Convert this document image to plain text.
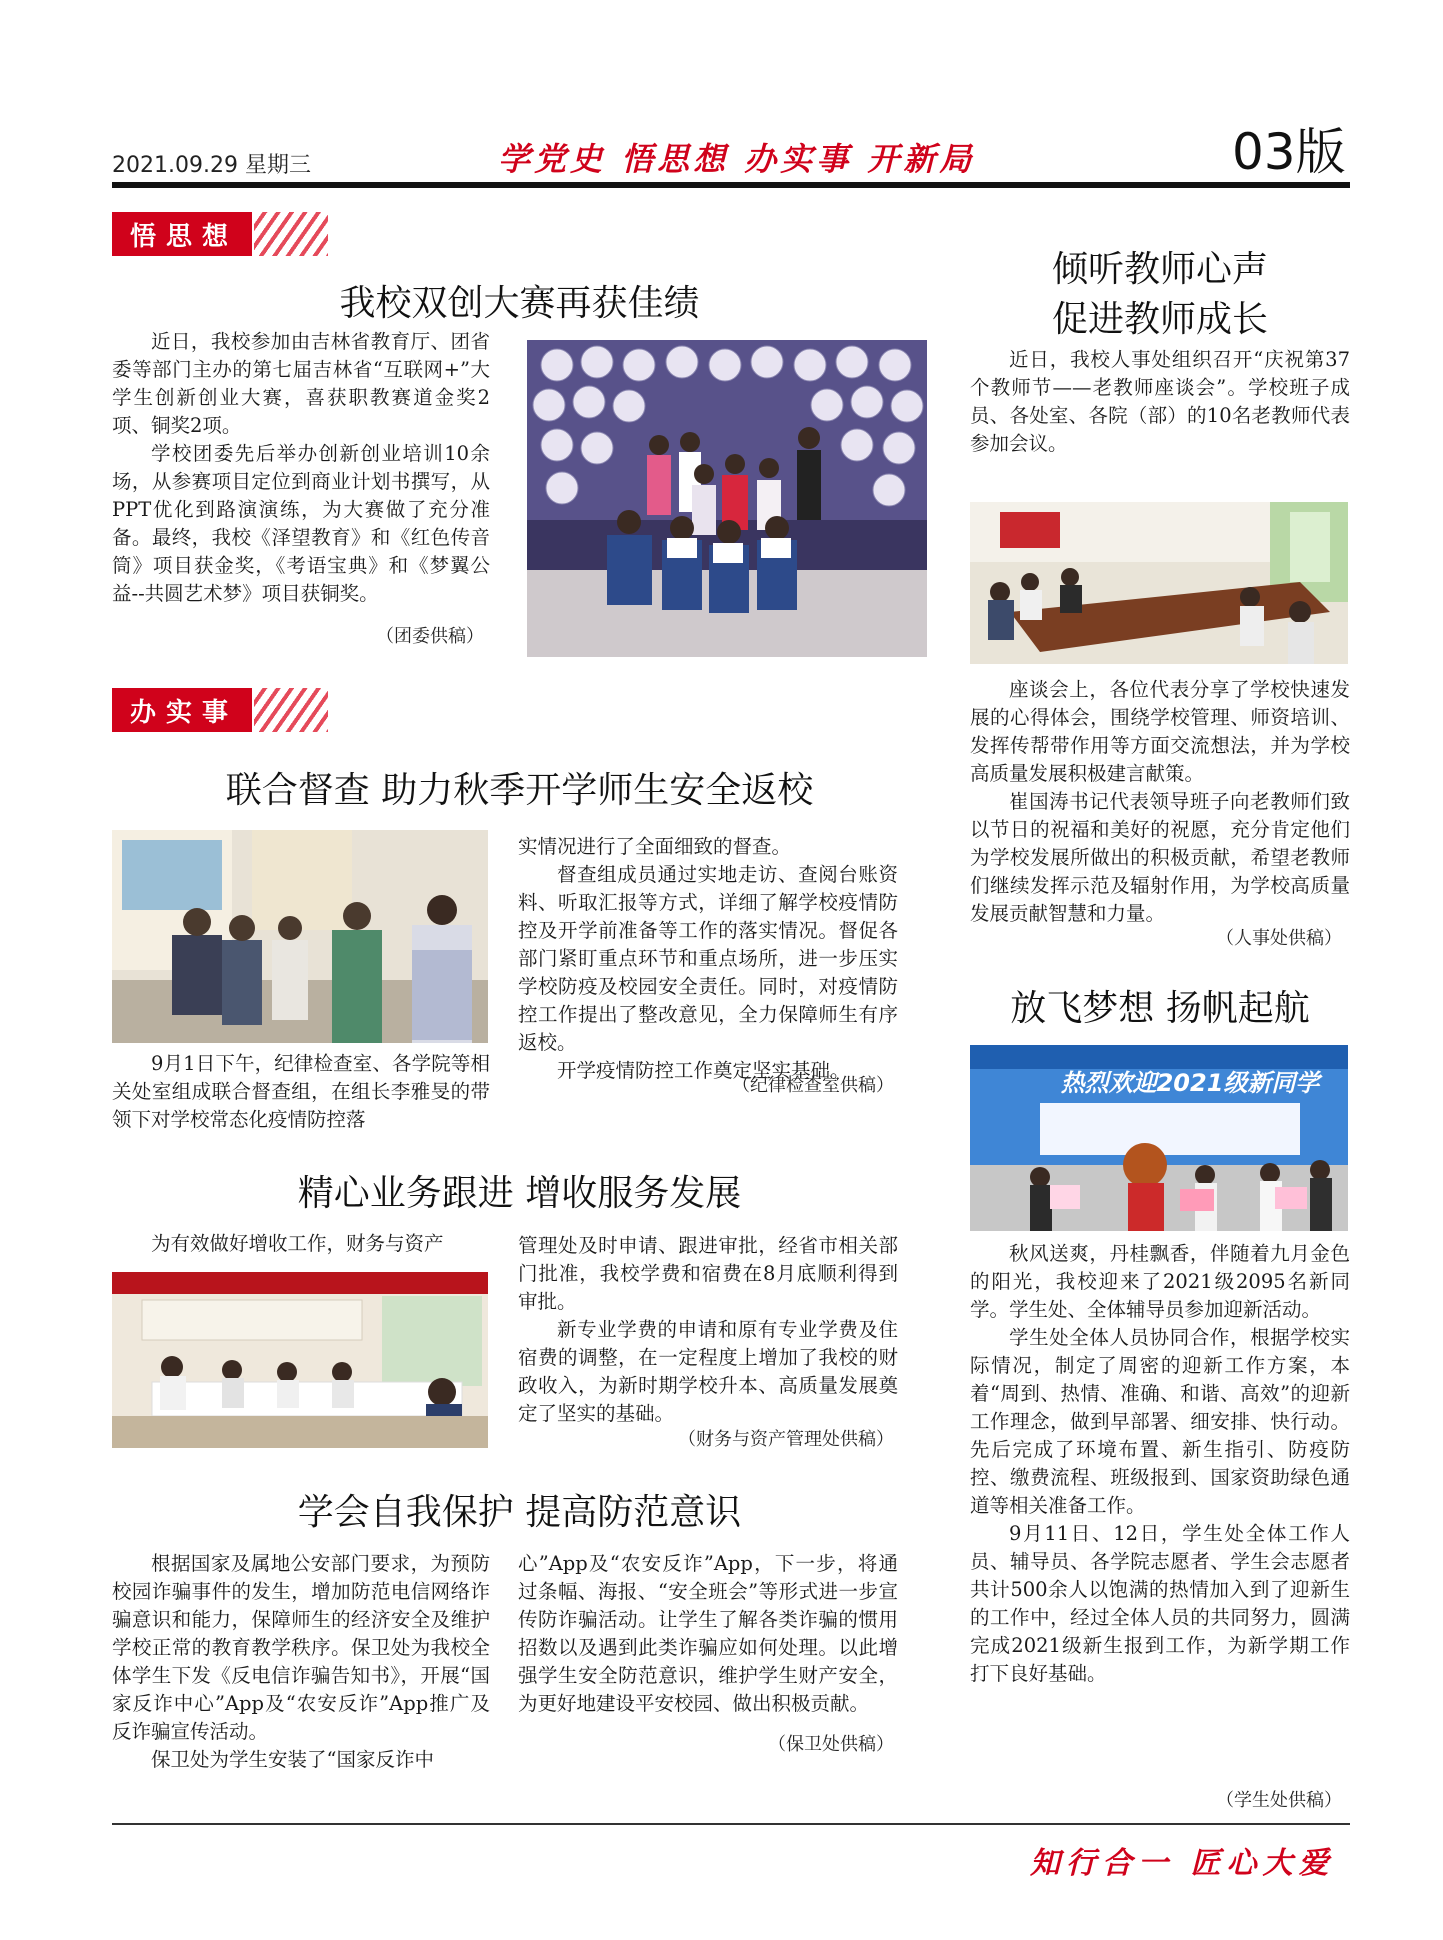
2021.09.29 星期三	学党史 悟思想 办实事 开新局	03版
悟思想
我校双创大赛再获佳绩

近日，我校参加由吉林省教育厅、团省委等部门主办的第七届吉林省“互联网+”大学生创新创业大赛，喜获职教赛道金奖2项、铜奖2项。

学校团委先后举办创新创业培训10余场，从参赛项目定位到商业计划书撰写，从PPT优化到路演演练，为大赛做了充分准备。最终，我校《泽望教育》和《红色传音筒》项目获金奖，《考语宝典》和《梦翼公益--共圆艺术梦》项目获铜奖。

（团委供稿）
办实事
联合督查 助力秋季开学师生安全返校

9月1日下午，纪律检查室、各学院等相关处室组成联合督查组，在组长李雅旻的带领下对学校常态化疫情防控落

实情况进行了全面细致的督查。

督查组成员通过实地走访、查阅台账资料、听取汇报等方式，详细了解学校疫情防控及开学前准备等工作的落实情况。督促各部门紧盯重点环节和重点场所，进一步压实学校防疫及校园安全责任。同时，对疫情防控工作提出了整改意见，全力保障师生有序返校。

开学疫情防控工作奠定坚实基础。

（纪律检查室供稿）
精心业务跟进 增收服务发展

为有效做好增收工作，财务与资产	管理处及时申请、跟进审批，经省市相关部门批准，我校学费和宿费在8月底顺利得到审批。

新专业学费的申请和原有专业学费及住宿费的调整，在一定程度上增加了我校的财政收入，为新时期学校升本、高质量发展奠定了坚实的基础。

（财务与资产管理处供稿）
学会自我保护 提高防范意识

根据国家及属地公安部门要求，为预防校园诈骗事件的发生，增加防范电信网络诈骗意识和能力，保障师生的经济安全及维护学校正常的教育教学秩序。保卫处为我校全体学生下发《反电信诈骗告知书》，开展“国家反诈中心”App及“农安反诈”App推广及反诈骗宣传活动。

保卫处为学生安装了“国家反诈中

心”App及“农安反诈”App，下一步，将通过条幅、海报、“安全班会”等形式进一步宣传防诈骗活动。让学生了解各类诈骗的惯用招数以及遇到此类诈骗应如何处理。以此增强学生安全防范意识，维护学生财产安全，为更好地建设平安校园、做出积极贡献。

（保卫处供稿）
倾听教师心声
促进教师成长

近日，我校人事处组织召开“庆祝第37个教师节——老教师座谈会”。学校班子成员、各处室、各院（部）的10名老教师代表参加会议。

座谈会上，各位代表分享了学校快速发展的心得体会，围绕学校管理、师资培训、发挥传帮带作用等方面交流想法，并为学校高质量发展积极建言献策。

崔国涛书记代表领导班子向老教师们致以节日的祝福和美好的祝愿，充分肯定他们为学校发展所做出的积极贡献，希望老教师们继续发挥示范及辐射作用，为学校高质量发展贡献智慧和力量。

（人事处供稿）
放飞梦想 扬帆起航
热烈欢迎2021级新同学

秋风送爽，丹桂飘香，伴随着九月金色的阳光，我校迎来了2021级2095名新同学。学生处、全体辅导员参加迎新活动。

学生处全体人员协同合作，根据学校实际情况，制定了周密的迎新工作方案，本着“周到、热情、准确、和谐、高效”的迎新工作理念，做到早部署、细安排、快行动。先后完成了环境布置、新生指引、防疫防控、缴费流程、班级报到、国家资助绿色通道等相关准备工作。

9月11日、12日，学生处全体工作人员、辅导员、各学院志愿者、学生会志愿者共计500余人以饱满的热情加入到了迎新生的工作中，经过全体人员的共同努力，圆满完成2021级新生报到工作，为新学期工作打下良好基础。

（学生处供稿）
知行合一 匠心大爱
